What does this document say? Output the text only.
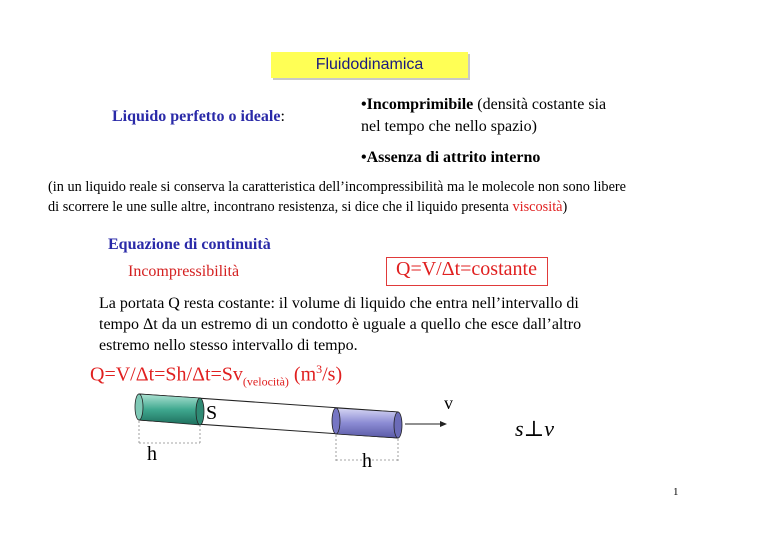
Fluidodinamica
Liquido perfetto o ideale:
•Incomprimibile (densità costante sia
nel tempo che nello spazio)
•Assenza di attrito interno
(in un liquido reale si conserva la caratteristica dell’incompressibilità ma le molecole non sono libere
di scorrere le une sulle altre, incontrano resistenza, si dice che il liquido presenta viscosità)
Equazione di continuità
Incompressibilità	Q=V/Δt=costante
La portata Q resta costante: il volume di liquido che entra nell’intervallo di
tempo Δt da un estremo di un condotto è uguale a quello che esce dall’altro
estremo nello stesso intervallo di tempo.
$Q=V/\Delta t=Sh/\Delta t=Sv_{(velocità)}$ $(m^3/s)$
v
S
s⊥v
h	h
1
